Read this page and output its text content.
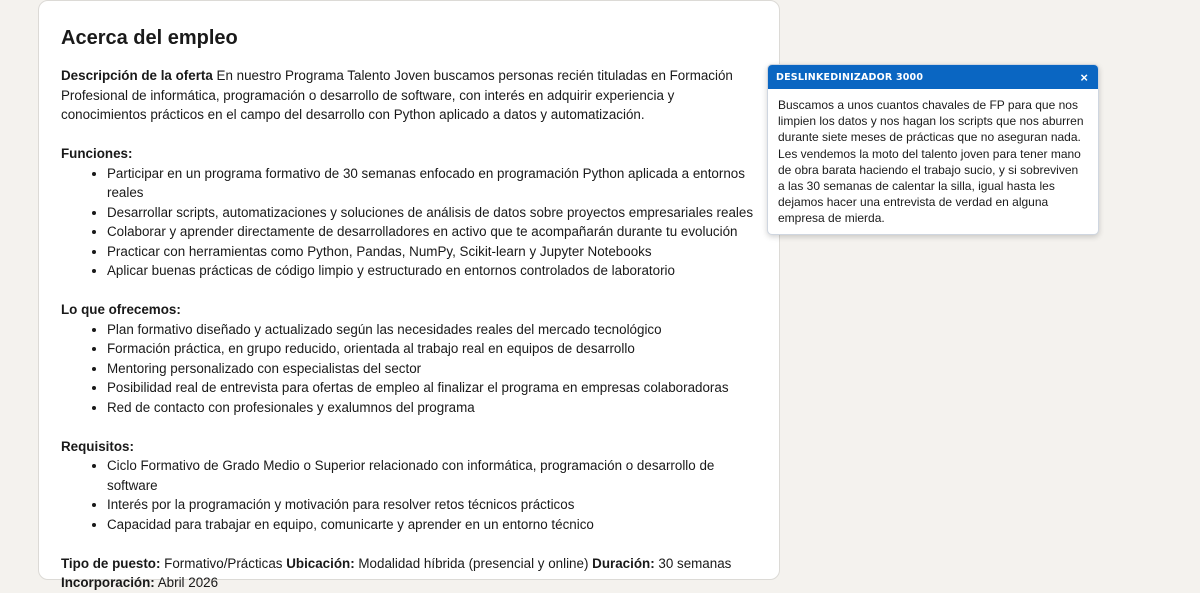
Acerca del empleo

Descripción de la oferta En nuestro Programa Talento Joven buscamos personas recién tituladas en Formación Profesional de informática, programación o desarrollo de software, con interés en adquirir experiencia y conocimientos prácticos en el campo del desarrollo con Python aplicado a datos y automatización.

Funciones:

• Participar en un programa formativo de 30 semanas enfocado en programación Python aplicada a entornos reales
• Desarrollar scripts, automatizaciones y soluciones de análisis de datos sobre proyectos empresariales reales
• Colaborar y aprender directamente de desarrolladores en activo que te acompañarán durante tu evolución
• Practicar con herramientas como Python, Pandas, NumPy, Scikit-learn y Jupyter Notebooks
• Aplicar buenas prácticas de código limpio y estructurado en entornos controlados de laboratorio

Lo que ofrecemos:

• Plan formativo diseñado y actualizado según las necesidades reales del mercado tecnológico
• Formación práctica, en grupo reducido, orientada al trabajo real en equipos de desarrollo
• Mentoring personalizado con especialistas del sector
• Posibilidad real de entrevista para ofertas de empleo al finalizar el programa en empresas colaboradoras
• Red de contacto con profesionales y exalumnos del programa

Requisitos:

• Ciclo Formativo de Grado Medio o Superior relacionado con informática, programación o desarrollo de software
• Interés por la programación y motivación para resolver retos técnicos prácticos
• Capacidad para trabajar en equipo, comunicarte y aprender en un entorno técnico

Tipo de puesto: Formativo/Prácticas Ubicación: Modalidad híbrida (presencial y online) Duración: 30 semanas Incorporación: Abril 2026

DESLINKEDINIZADOR 3000	×
Buscamos a unos cuantos chavales de FP para que nos limpien los datos y nos hagan los scripts que nos aburren durante siete meses de prácticas que no aseguran nada. Les vendemos la moto del talento joven para tener mano de obra barata haciendo el trabajo sucio, y si sobreviven a las 30 semanas de calentar la silla, igual hasta les dejamos hacer una entrevista de verdad en alguna empresa de mierda.
